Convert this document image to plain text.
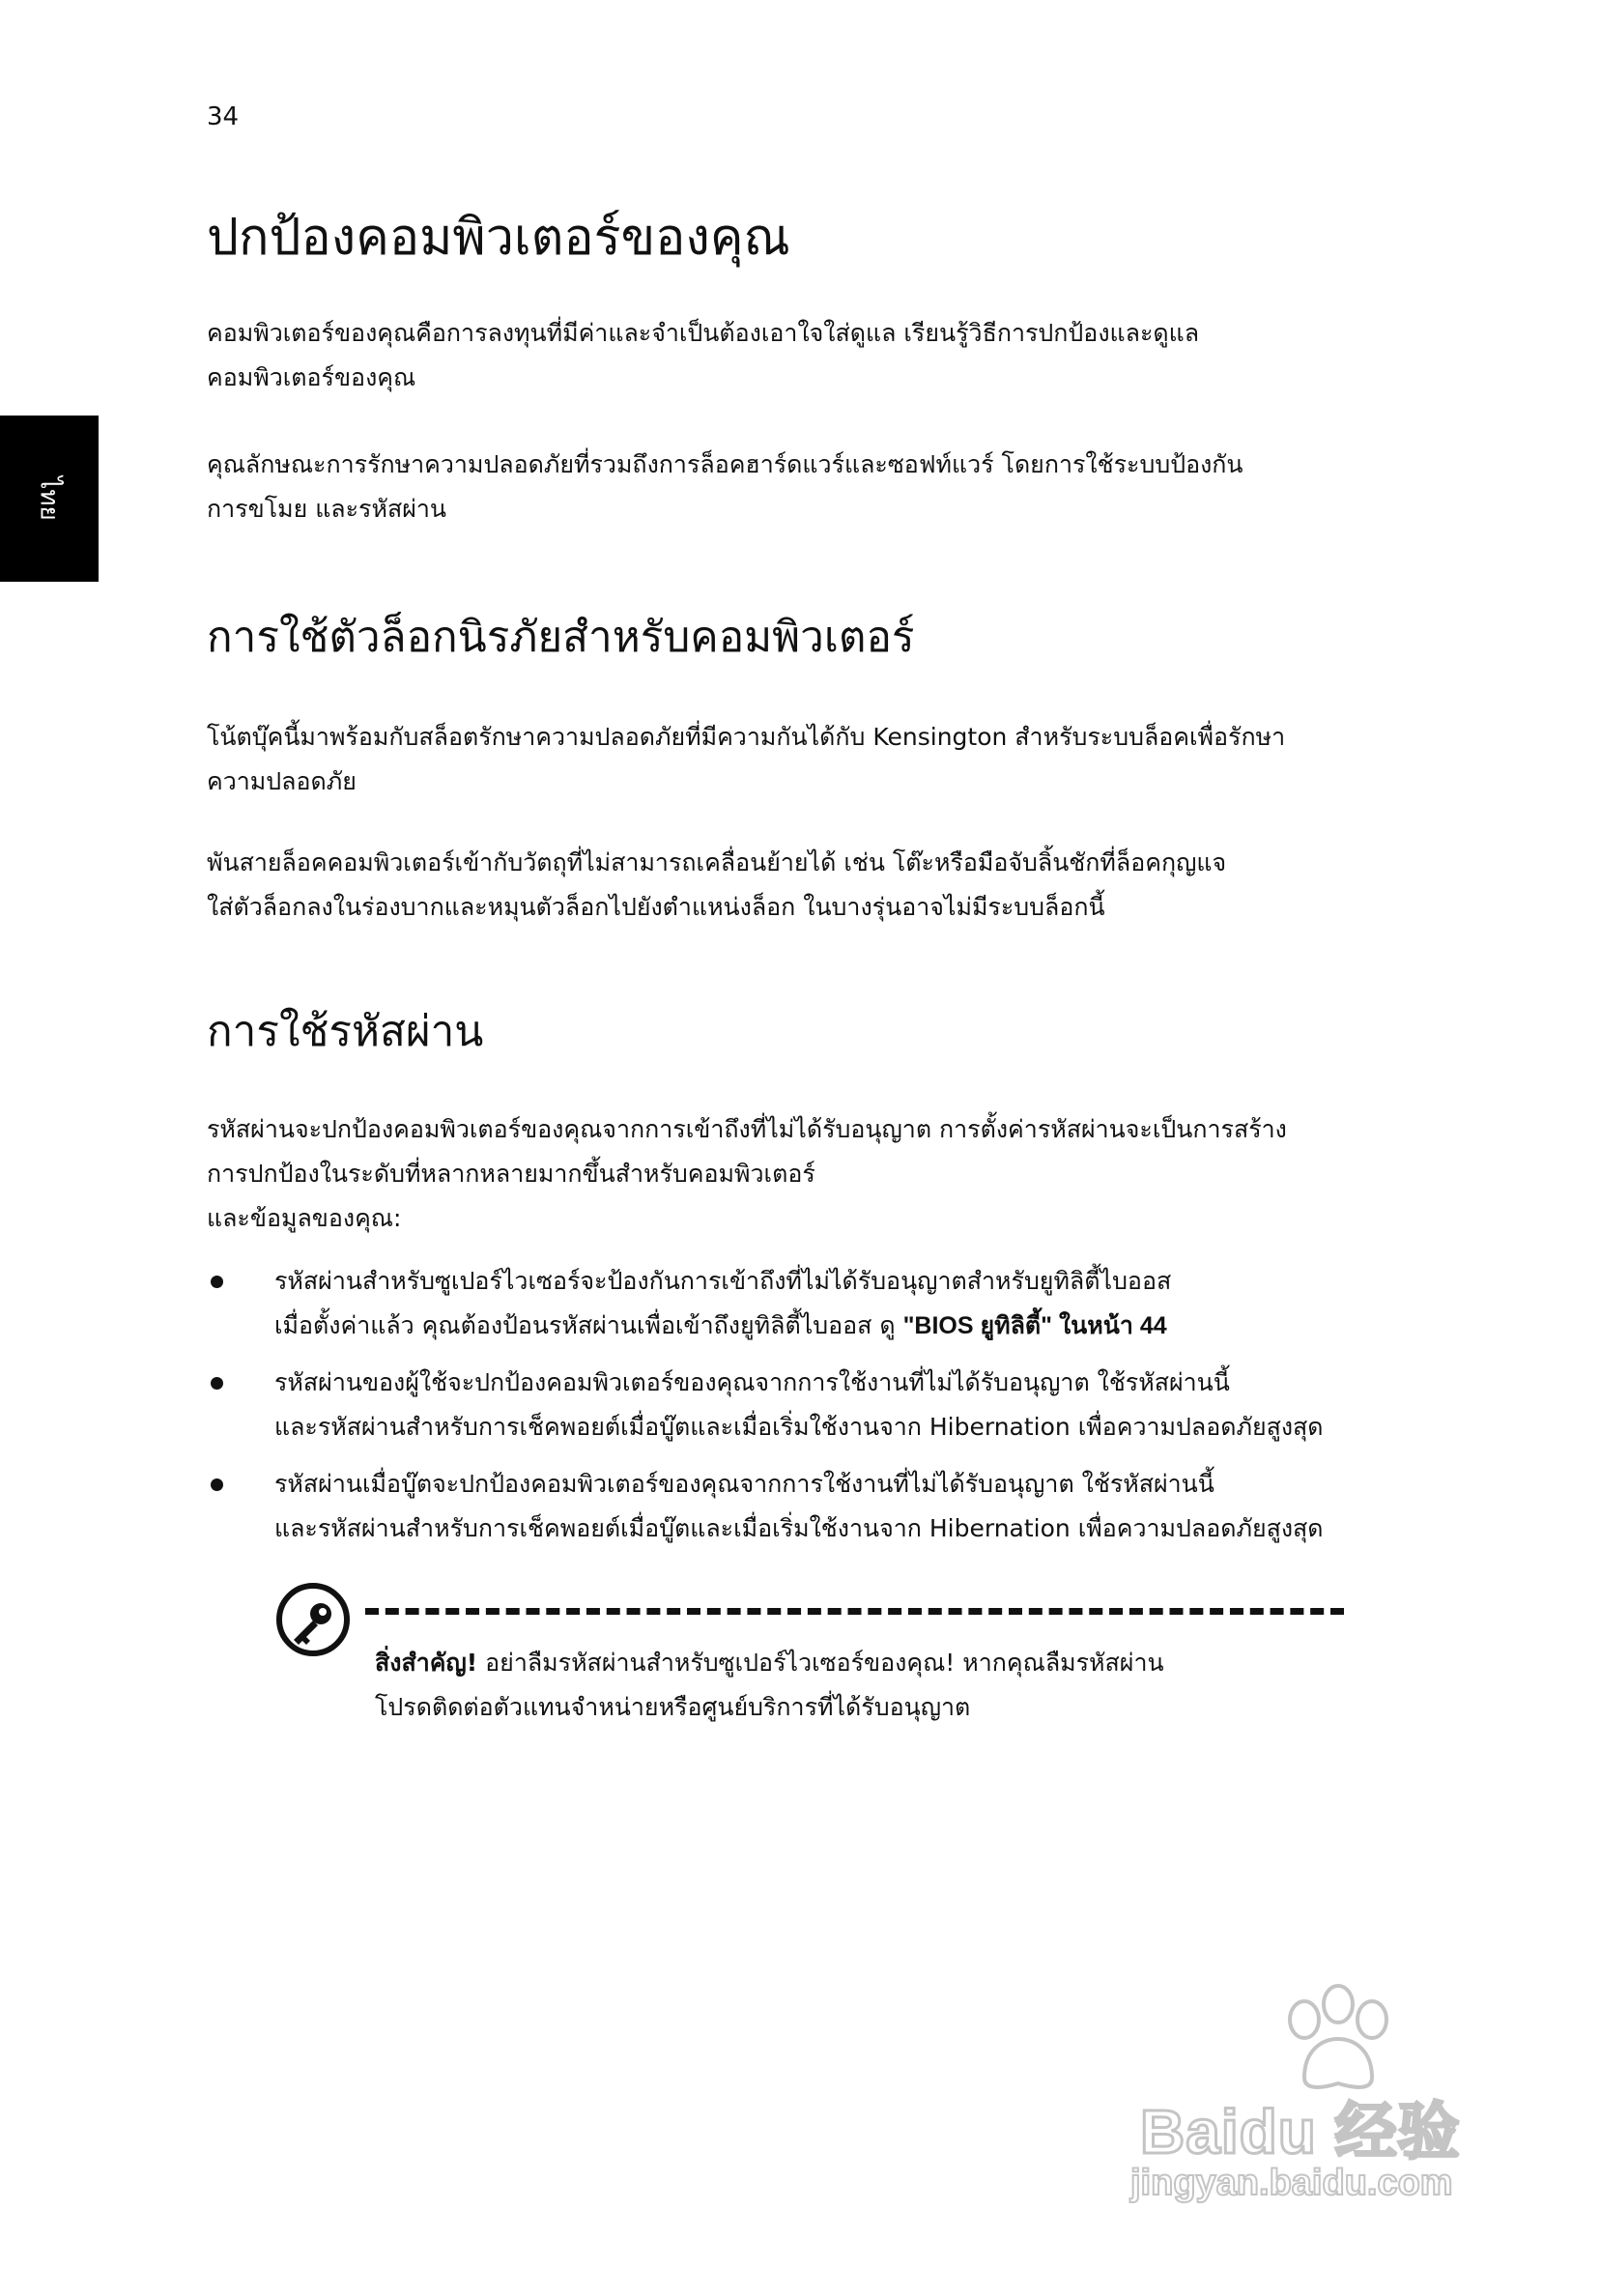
34
ไทย
ปกป้องคอมพิวเตอร์ของคุณ

คอมพิวเตอร์ของคุณคือการลงทุนที่มีค่าและจำเป็นต้องเอาใจใส่ดูแล เรียนรู้วิธีการปกป้องและดูแล
คอมพิวเตอร์ของคุณ

คุณลักษณะการรักษาความปลอดภัยที่รวมถึงการล็อคฮาร์ดแวร์และซอฟท์แวร์ โดยการใช้ระบบป้องกัน
การขโมย และรหัสผ่าน

การใช้ตัวล็อกนิรภัยสำหรับคอมพิวเตอร์

โน้ตบุ๊คนี้มาพร้อมกับสล็อตรักษาความปลอดภัยที่มีความกันได้กับ Kensington สำหรับระบบล็อคเพื่อรักษา
ความปลอดภัย

พันสายล็อคคอมพิวเตอร์เข้ากับวัตถุที่ไม่สามารถเคลื่อนย้ายได้ เช่น โต๊ะหรือมือจับลิ้นชักที่ล็อคกุญแจ
ใส่ตัวล็อกลงในร่องบากและหมุนตัวล็อกไปยังตำแหน่งล็อก ในบางรุ่นอาจไม่มีระบบล็อกนี้

การใช้รหัสผ่าน

รหัสผ่านจะปกป้องคอมพิวเตอร์ของคุณจากการเข้าถึงที่ไม่ได้รับอนุญาต การตั้งค่ารหัสผ่านจะเป็นการสร้าง
การปกป้องในระดับที่หลากหลายมากขึ้นสำหรับคอมพิวเตอร์
และข้อมูลของคุณ:

รหัสผ่านสำหรับซูเปอร์ไวเซอร์จะป้องกันการเข้าถึงที่ไม่ได้รับอนุญาตสำหรับยูทิลิตี้ไบออส
เมื่อตั้งค่าแล้ว คุณต้องป้อนรหัสผ่านเพื่อเข้าถึงยูทิลิตี้ไบออส ดู "BIOS ยูทิลิตี้" ในหน้า 44
รหัสผ่านของผู้ใช้จะปกป้องคอมพิวเตอร์ของคุณจากการใช้งานที่ไม่ได้รับอนุญาต ใช้รหัสผ่านนี้
และรหัสผ่านสำหรับการเช็คพอยต์เมื่อบู๊ตและเมื่อเริ่มใช้งานจาก Hibernation เพื่อความปลอดภัยสูงสุด
รหัสผ่านเมื่อบู๊ตจะปกป้องคอมพิวเตอร์ของคุณจากการใช้งานที่ไม่ได้รับอนุญาต ใช้รหัสผ่านนี้
และรหัสผ่านสำหรับการเช็คพอยต์เมื่อบู๊ตและเมื่อเริ่มใช้งานจาก Hibernation เพื่อความปลอดภัยสูงสุด

สิ่งสำคัญ! อย่าลืมรหัสผ่านสำหรับซูเปอร์ไวเซอร์ของคุณ! หากคุณลืมรหัสผ่าน
โปรดติดต่อตัวแทนจำหน่ายหรือศูนย์บริการที่ได้รับอนุญาต

Baidu 经验
jingyan.baidu.com
